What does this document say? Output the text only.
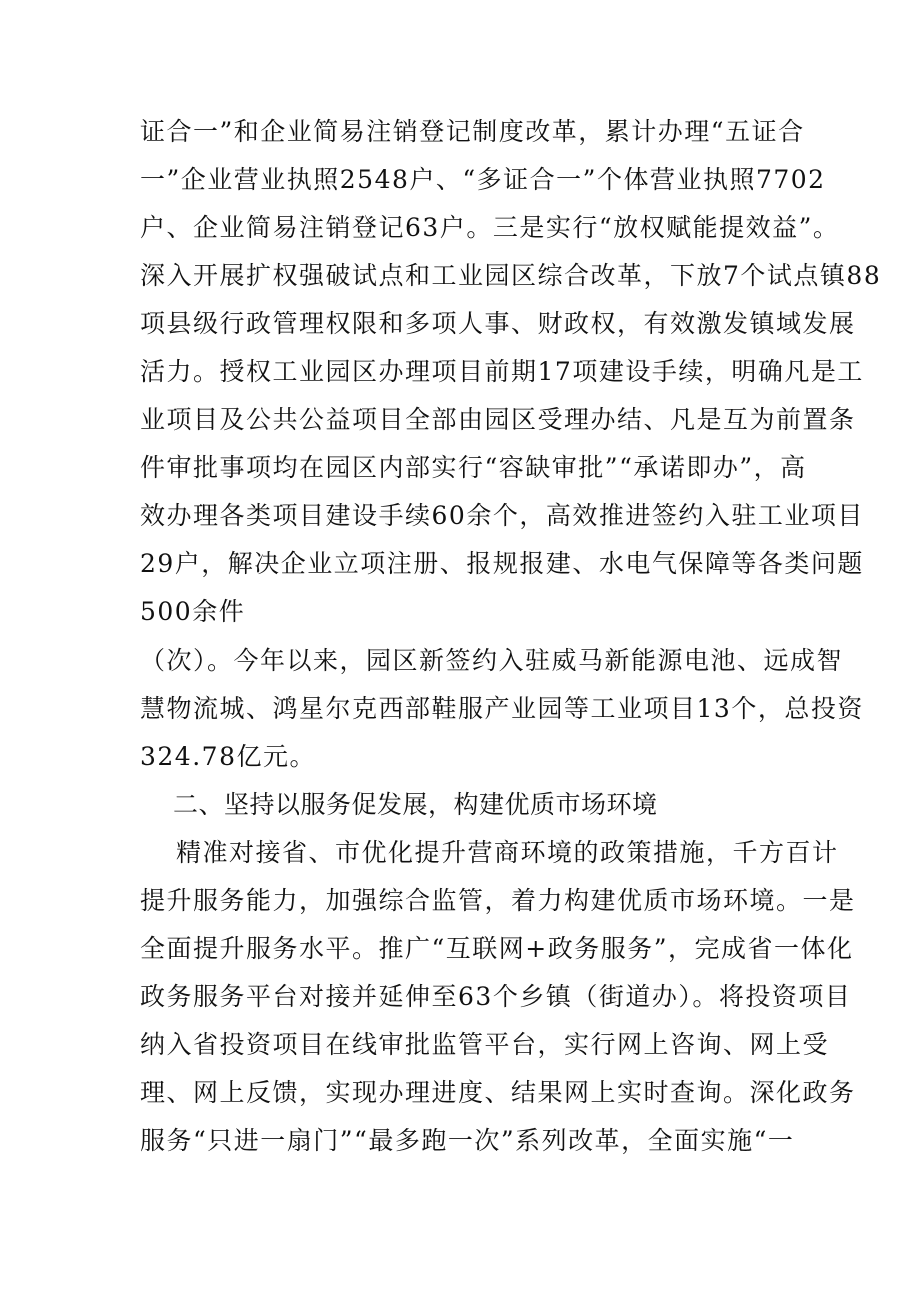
证合一”和企业简易注销登记制度改革，累计办理“五证合
一”企业营业执照2548户、“多证合一”个体营业执照7702
户、企业简易注销登记63户。三是实行“放权赋能提效益”。
深入开展扩权强破试点和工业园区综合改革，下放7个试点镇88
项县级行政管理权限和多项人事、财政权，有效激发镇域发展
活力。授权工业园区办理项目前期17项建设手续，明确凡是工
业项目及公共公益项目全部由园区受理办结、凡是互为前置条
件审批事项均在园区内部实行“容缺审批”“承诺即办”，高
效办理各类项目建设手续60余个，高效推进签约入驻工业项目
29户，解决企业立项注册、报规报建、水电气保障等各类问题
500余件
（次）。今年以来，园区新签约入驻威马新能源电池、远成智
慧物流城、鸿星尔克西部鞋服产业园等工业项目13个，总投资
324.78亿元。
二、坚持以服务促发展，构建优质市场环境
精准对接省、市优化提升营商环境的政策措施，千方百计
提升服务能力，加强综合监管，着力构建优质市场环境。一是
全面提升服务水平。推广“互联网+政务服务”，完成省一体化
政务服务平台对接并延伸至63个乡镇（街道办）。将投资项目
纳入省投资项目在线审批监管平台，实行网上咨询、网上受
理、网上反馈，实现办理进度、结果网上实时查询。深化政务
服务“只进一扇门”“最多跑一次”系列改革，全面实施“一
